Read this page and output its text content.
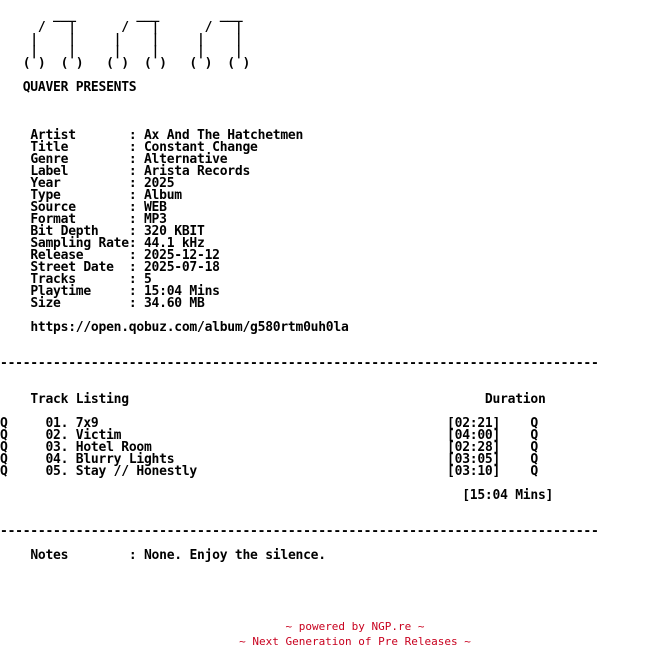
___        ___        ___
/   |      /   |      /   |
|    |     |    |     |    |
|    |     |    |     |    |
( )  ( )   ( )  ( )   ( )  ( )

QUAVER PRESENTS

Artist       : Ax And The Hatchetmen
Title        : Constant Change
Genre        : Alternative
Label        : Arista Records
Year         : 2025
Type         : Album
Source       : WEB
Format       : MP3
Bit Depth    : 320 KBIT
Sampling Rate: 44.1 kHz
Release      : 2025-12-12
Street Date  : 2025-07-18
Tracks       : 5
Playtime     : 15:04 Mins
Size         : 34.60 MB

https://open.qobuz.com/album/g580rtm0uh0la

-------------------------------------------------------------------------------

Track Listing	Duration

Q	01. 7x9	[02:21] Q
Q	02. Victim	[04:00] Q
Q	03. Hotel Room	[02:28] Q
Q	04. Blurry Lights	[03:05] Q
Q	05. Stay // Honestly	[03:10] Q

[15:04 Mins]

-------------------------------------------------------------------------------

Notes        : None. Enjoy the silence.

~ powered by NGP.re ~
~ Next Generation of Pre Releases ~
